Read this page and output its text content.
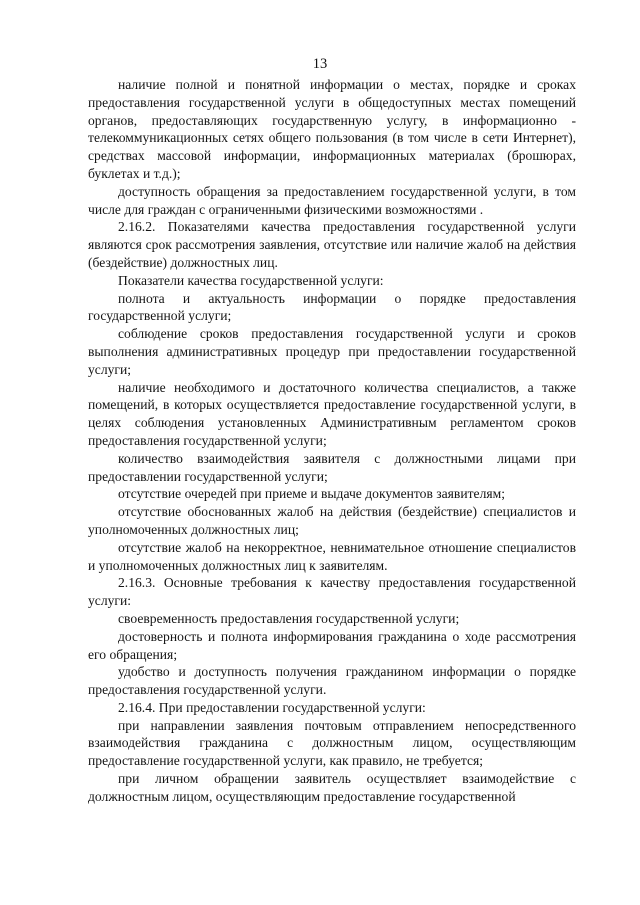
13

наличие полной и понятной информации о местах, порядке и сроках предоставления государственной услуги в общедоступных местах помещений органов, предоставляющих государственную услугу, в информационно - телекоммуникационных сетях общего пользования (в том числе в сети Интернет), средствах массовой информации, информационных материалах (брошюрах, буклетах и т.д.);

доступность обращения за предоставлением государственной услуги, в том числе для граждан с ограниченными физическими возможностями .

2.16.2. Показателями качества предоставления государственной услуги являются срок рассмотрения заявления, отсутствие или наличие жалоб на действия (бездействие) должностных лиц.

Показатели качества государственной услуги:

полнота и актуальность информации о порядке предоставления государственной услуги;

соблюдение сроков предоставления государственной услуги и сроков выполнения административных процедур при предоставлении государственной услуги;

наличие необходимого и достаточного количества специалистов, а также помещений, в которых осуществляется предоставление государственной услуги, в целях соблюдения установленных Административным регламентом сроков предоставления государственной услуги;

количество взаимодействия заявителя с должностными лицами при предоставлении государственной услуги;

отсутствие очередей при приеме и выдаче документов заявителям;

отсутствие обоснованных жалоб на действия (бездействие) специалистов и уполномоченных должностных лиц;

отсутствие жалоб на некорректное, невнимательное отношение специалистов и уполномоченных должностных лиц к заявителям.

2.16.3. Основные требования к качеству предоставления государственной услуги:

своевременность предоставления государственной услуги;

достоверность и полнота информирования гражданина о ходе рассмотрения его обращения;

удобство и доступность получения гражданином информации о порядке предоставления государственной услуги.

2.16.4. При предоставлении государственной услуги:

при направлении заявления почтовым отправлением непосредственного взаимодействия гражданина с должностным лицом, осуществляющим предоставление государственной услуги, как правило, не требуется;

при личном обращении заявитель осуществляет взаимодействие с должностным лицом, осуществляющим предоставление государственной
